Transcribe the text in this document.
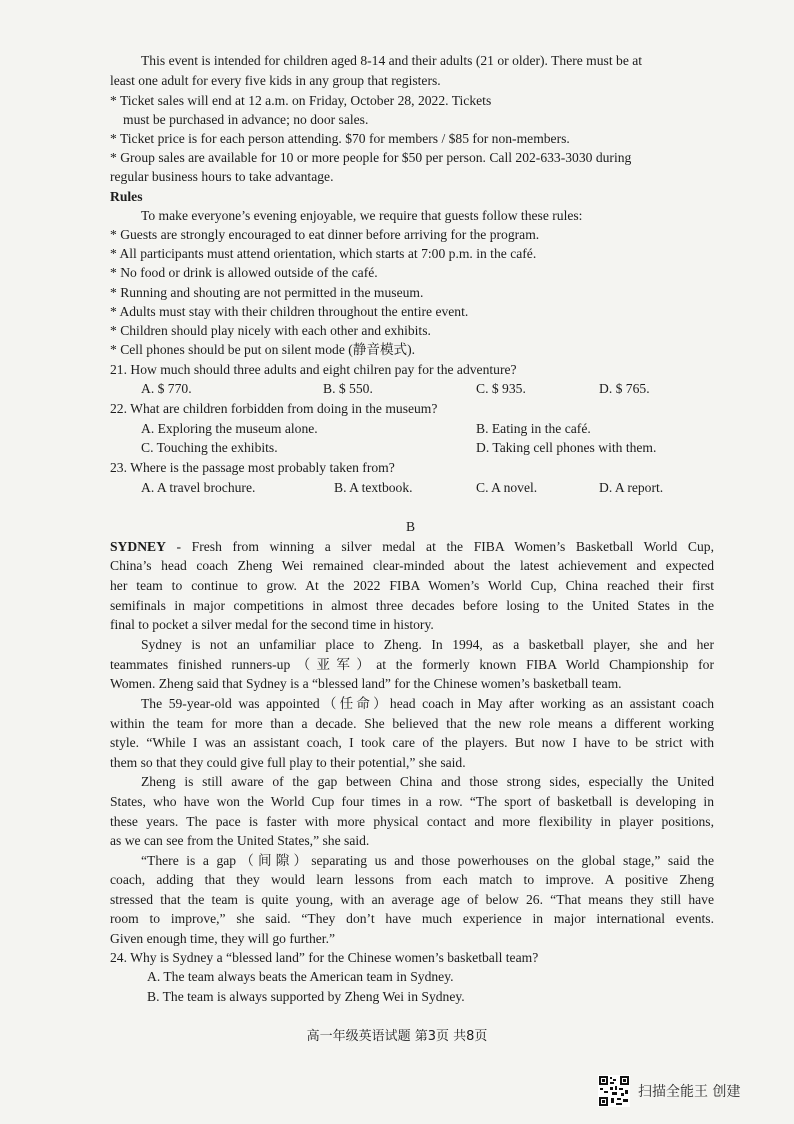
This event is intended for children aged 8-14 and their adults (21 or older). There must be at
least one adult for every five kids in any group that registers.
* Ticket sales will end at 12 a.m. on Friday, October 28, 2022. Tickets
must be purchased in advance; no door sales.
* Ticket price is for each person attending. $70 for members / $85 for non-members.
* Group sales are available for 10 or more people for $50 per person. Call 202-633-3030 during
regular business hours to take advantage.
Rules
To make everyone’s evening enjoyable, we require that guests follow these rules:
* Guests are strongly encouraged to eat dinner before arriving for the program.
* All participants must attend orientation, which starts at 7:00 p.m. in the café.
* No food or drink is allowed outside of the café.
* Running and shouting are not permitted in the museum.
* Adults must stay with their children throughout the entire event.
* Children should play nicely with each other and exhibits.
* Cell phones should be put on silent mode (静音模式).
21. How much should three adults and eight chilren pay for the adventure?
A. $ 770.	B. $ 550.	C. $ 935.	D. $ 765.
22. What are children forbidden from doing in the museum?
A. Exploring the museum alone.	B. Eating in the café.
C. Touching the exhibits.	D. Taking cell phones with them.
23. Where is the passage most probably taken from?
A. A travel brochure.	B. A textbook.	C. A novel.	D. A report.
B
SYDNEY - Fresh from winning a silver medal at the FIBA Women’s Basketball World Cup,
China’s head coach Zheng Wei remained clear-minded about the latest achievement and expected
her team to continue to grow. At the 2022 FIBA Women’s World Cup, China reached their first
semifinals in major competitions in almost three decades before losing to the United States in the
final to pocket a silver medal for the second time in history.
Sydney is not an unfamiliar place to Zheng. In 1994, as a basketball player, she and her
teammates finished runners-up（亚军）at the formerly known FIBA World Championship for
Women. Zheng said that Sydney is a “blessed land” for the Chinese women’s basketball team.
The 59-year-old was appointed（任命）head coach in May after working as an assistant coach
within the team for more than a decade. She believed that the new role means a different working
style. “While I was an assistant coach, I took care of the players. But now I have to be strict with
them so that they could give full play to their potential,” she said.
Zheng is still aware of the gap between China and those strong sides, especially the United
States, who have won the World Cup four times in a row. “The sport of basketball is developing in
these years. The pace is faster with more physical contact and more flexibility in player positions,
as we can see from the United States,” she said.
“There is a gap（间隙）separating us and those powerhouses on the global stage,” said the
coach, adding that they would learn lessons from each match to improve. A positive Zheng
stressed that the team is quite young, with an average age of below 26. “That means they still have
room to improve,” she said. “They don’t have much experience in major international events.
Given enough time, they will go further.”
24. Why is Sydney a “blessed land” for the Chinese women’s basketball team?
A. The team always beats the American team in Sydney.
B. The team is always supported by Zheng Wei in Sydney.
高一年级英语试题 第3页 共8页
扫描全能王 创建
